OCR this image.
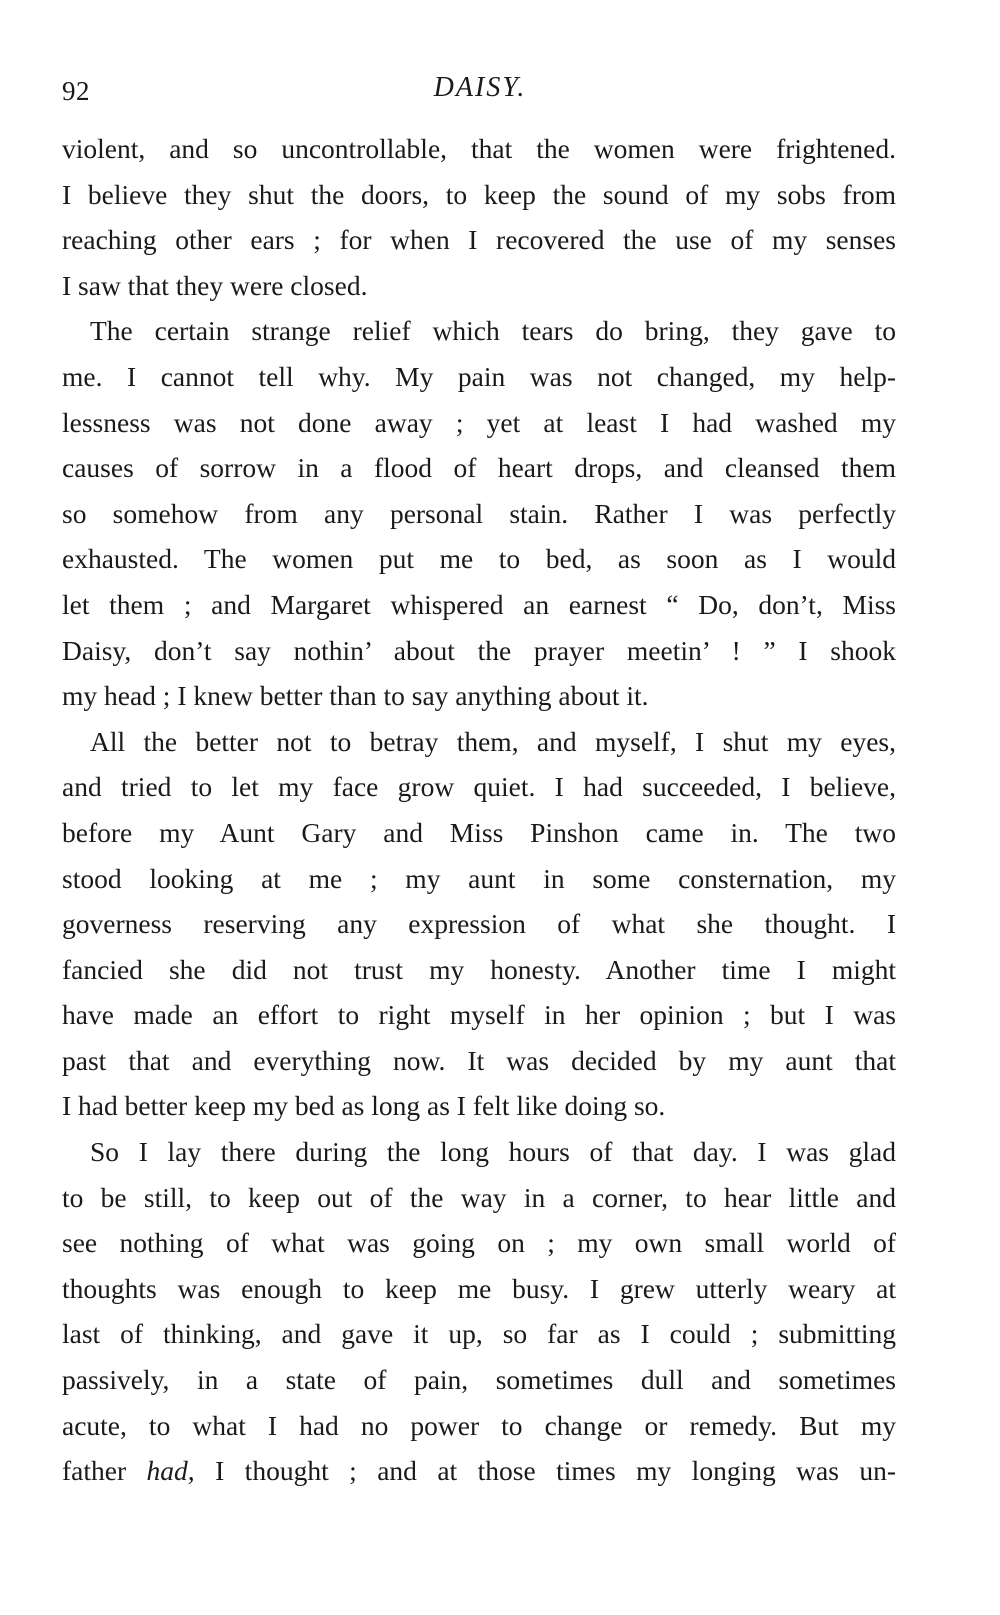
92	DAISY.
violent, and so uncontrollable, that the women were frightened.
I believe they shut the doors, to keep the sound of my sobs from
reaching other ears ; for when I recovered the use of my senses
I saw that they were closed.
The certain strange relief which tears do bring, they gave to
me. I cannot tell why. My pain was not changed, my help-
lessness was not done away ; yet at least I had washed my
causes of sorrow in a flood of heart drops, and cleansed them
so somehow from any personal stain. Rather I was perfectly
exhausted. The women put me to bed, as soon as I would
let them ; and Margaret whispered an earnest “ Do, don’t, Miss
Daisy, don’t say nothin’ about the prayer meetin’ ! ” I shook
my head ; I knew better than to say anything about it.
All the better not to betray them, and myself, I shut my eyes,
and tried to let my face grow quiet. I had succeeded, I believe,
before my Aunt Gary and Miss Pinshon came in. The two
stood looking at me ; my aunt in some consternation, my
governess reserving any expression of what she thought. I
fancied she did not trust my honesty. Another time I might
have made an effort to right myself in her opinion ; but I was
past that and everything now. It was decided by my aunt that
I had better keep my bed as long as I felt like doing so.
So I lay there during the long hours of that day. I was glad
to be still, to keep out of the way in a corner, to hear little and
see nothing of what was going on ; my own small world of
thoughts was enough to keep me busy. I grew utterly weary at
last of thinking, and gave it up, so far as I could ; submitting
passively, in a state of pain, sometimes dull and sometimes
acute, to what I had no power to change or remedy. But my
father had, I thought ; and at those times my longing was un-
